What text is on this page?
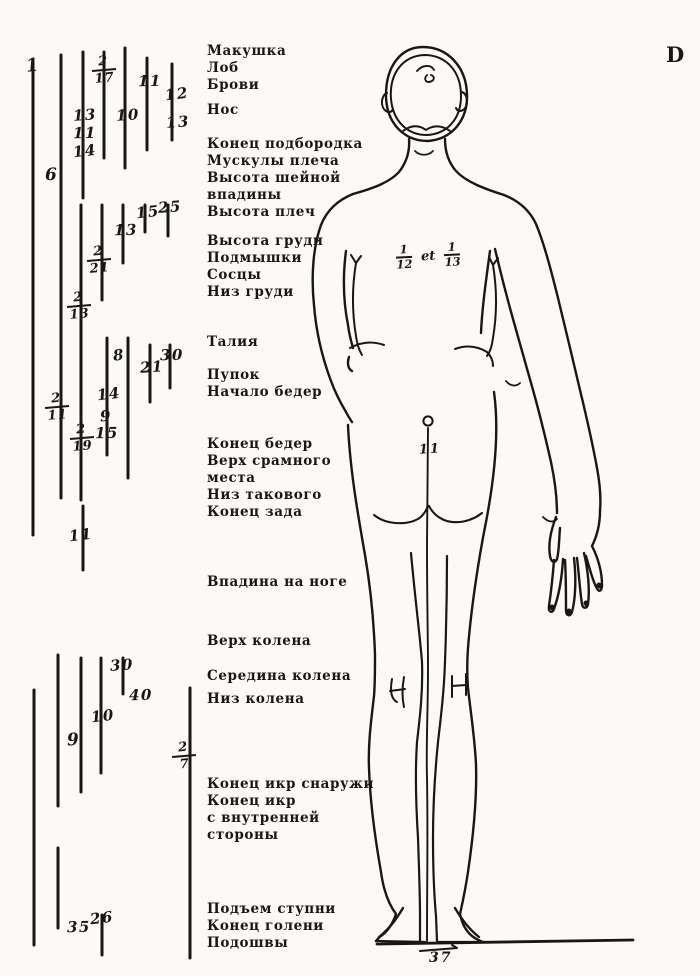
Макушка
Лоб
Брови
Нос
Конец подбородка
Мускулы плеча
Высота шейной
впадины
Высота плеч
Высота груди
Подмышки
Сосцы
Низ груди
Талия
Пупок
Начало бедер
Конец бедер
Верх срамного
места
Низ такового
Конец зада
Впадина на ноге
Верх колена
Середина колена
Низ колена
Конец икр снаружи
Конец икр
с внутренней
стороны
Подъем ступни
Конец голени
Подошвы
1
13
11
14
10
11
12
13
6
15
25
13
8
21
30
14
9
15
11
30
40
10
9
35
26
2
17
2
21
2
13
2
11
2
19
2
7
D
1
12
et
1
13
11
37
